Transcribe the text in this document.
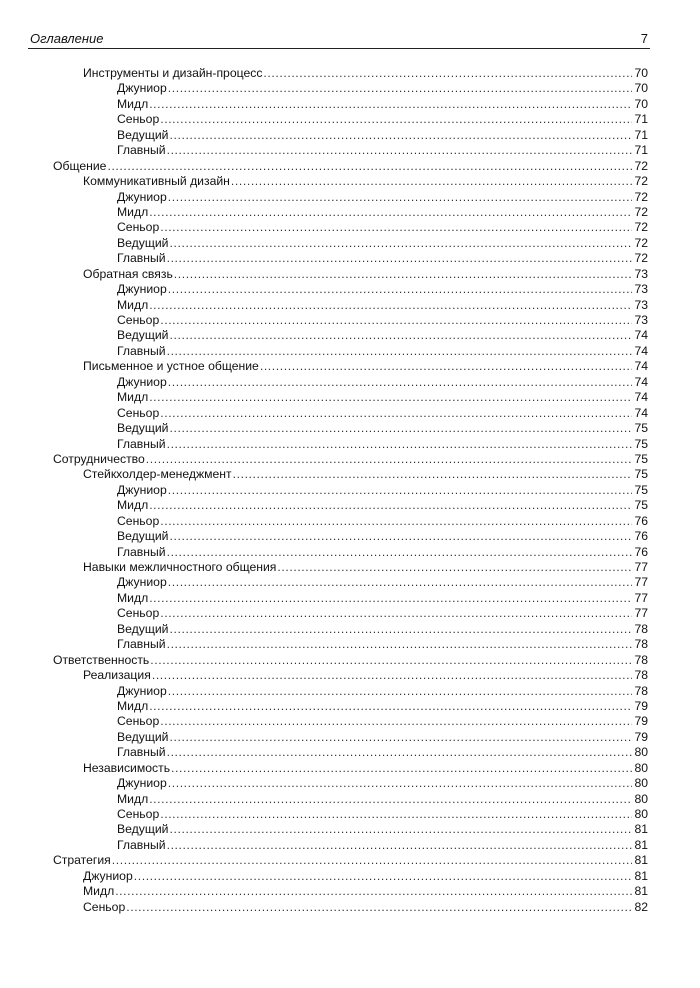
Оглавление	7
Инструменты и дизайн-процесс .....	70
Джуниор .....	70
Мидл .....	70
Сеньор .....	71
Ведущий .....	71
Главный .....	71
Общение .....	72
Коммуникативный дизайн .....	72
Джуниор .....	72
Мидл .....	72
Сеньор .....	72
Ведущий .....	72
Главный .....	72
Обратная связь .....	73
Джуниор .....	73
Мидл .....	73
Сеньор .....	73
Ведущий .....	74
Главный .....	74
Письменное и устное общение .....	74
Джуниор .....	74
Мидл .....	74
Сеньор .....	74
Ведущий .....	75
Главный .....	75
Сотрудничество .....	75
Стейкхолдер-менеджмент .....	75
Джуниор .....	75
Мидл .....	75
Сеньор .....	76
Ведущий .....	76
Главный .....	76
Навыки межличностного общения .....	77
Джуниор .....	77
Мидл .....	77
Сеньор .....	77
Ведущий .....	78
Главный .....	78
Ответственность .....	78
Реализация .....	78
Джуниор .....	78
Мидл .....	79
Сеньор .....	79
Ведущий .....	79
Главный .....	80
Независимость .....	80
Джуниор .....	80
Мидл .....	80
Сеньор .....	80
Ведущий .....	81
Главный .....	81
Стратегия .....	81
Джуниор .....	81
Мидл .....	81
Сеньор .....	82
